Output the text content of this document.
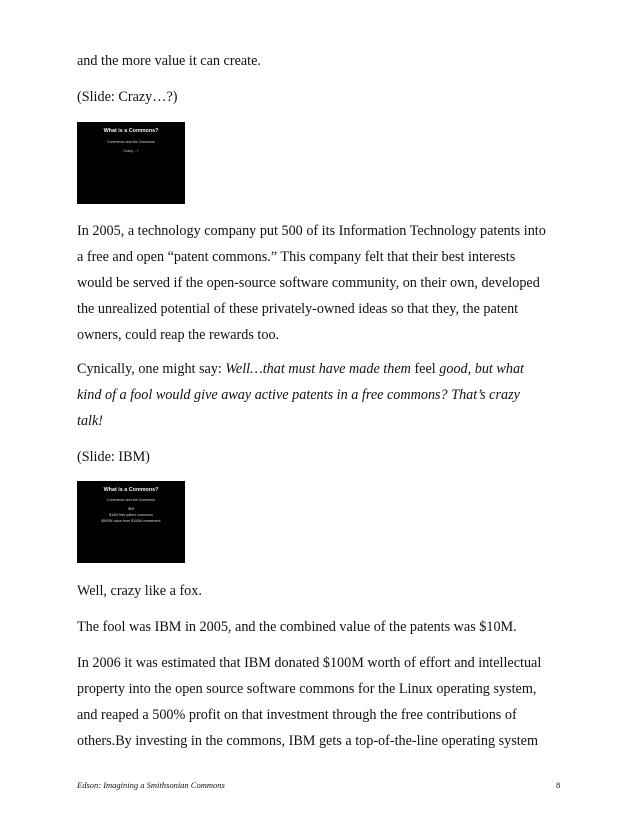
and the more value it can create.

(Slide: Crazy…?)

What is a Commons?
Commerce and the Commons
Crazy…?

In 2005, a technology company put 500 of its Information Technology patents into

a free and open “patent commons.” This company felt that their best interests

would be served if the open-source software community, on their own, developed

the unrealized potential of these privately-owned ideas so that they, the patent

owners, could reap the rewards too.

Cynically, one might say: Well…that must have made them feel good, but what

kind of a fool would give away active patents in a free commons? That’s crazy

talk!

(Slide: IBM)

What is a Commons?
Commerce and the Commons
IBM
$10M free patent commons
$500M value from $100M investment

Well, crazy like a fox.

The fool was IBM in 2005, and the combined value of the patents was $10M.

In 2006 it was estimated that IBM donated $100M worth of effort and intellectual

property into the open source software commons for the Linux operating system,

and reaped a 500% profit on that investment through the free contributions of

others.By investing in the commons, IBM gets a top-of-the-line operating system

Edson: Imagining a Smithsonian Commons	8
